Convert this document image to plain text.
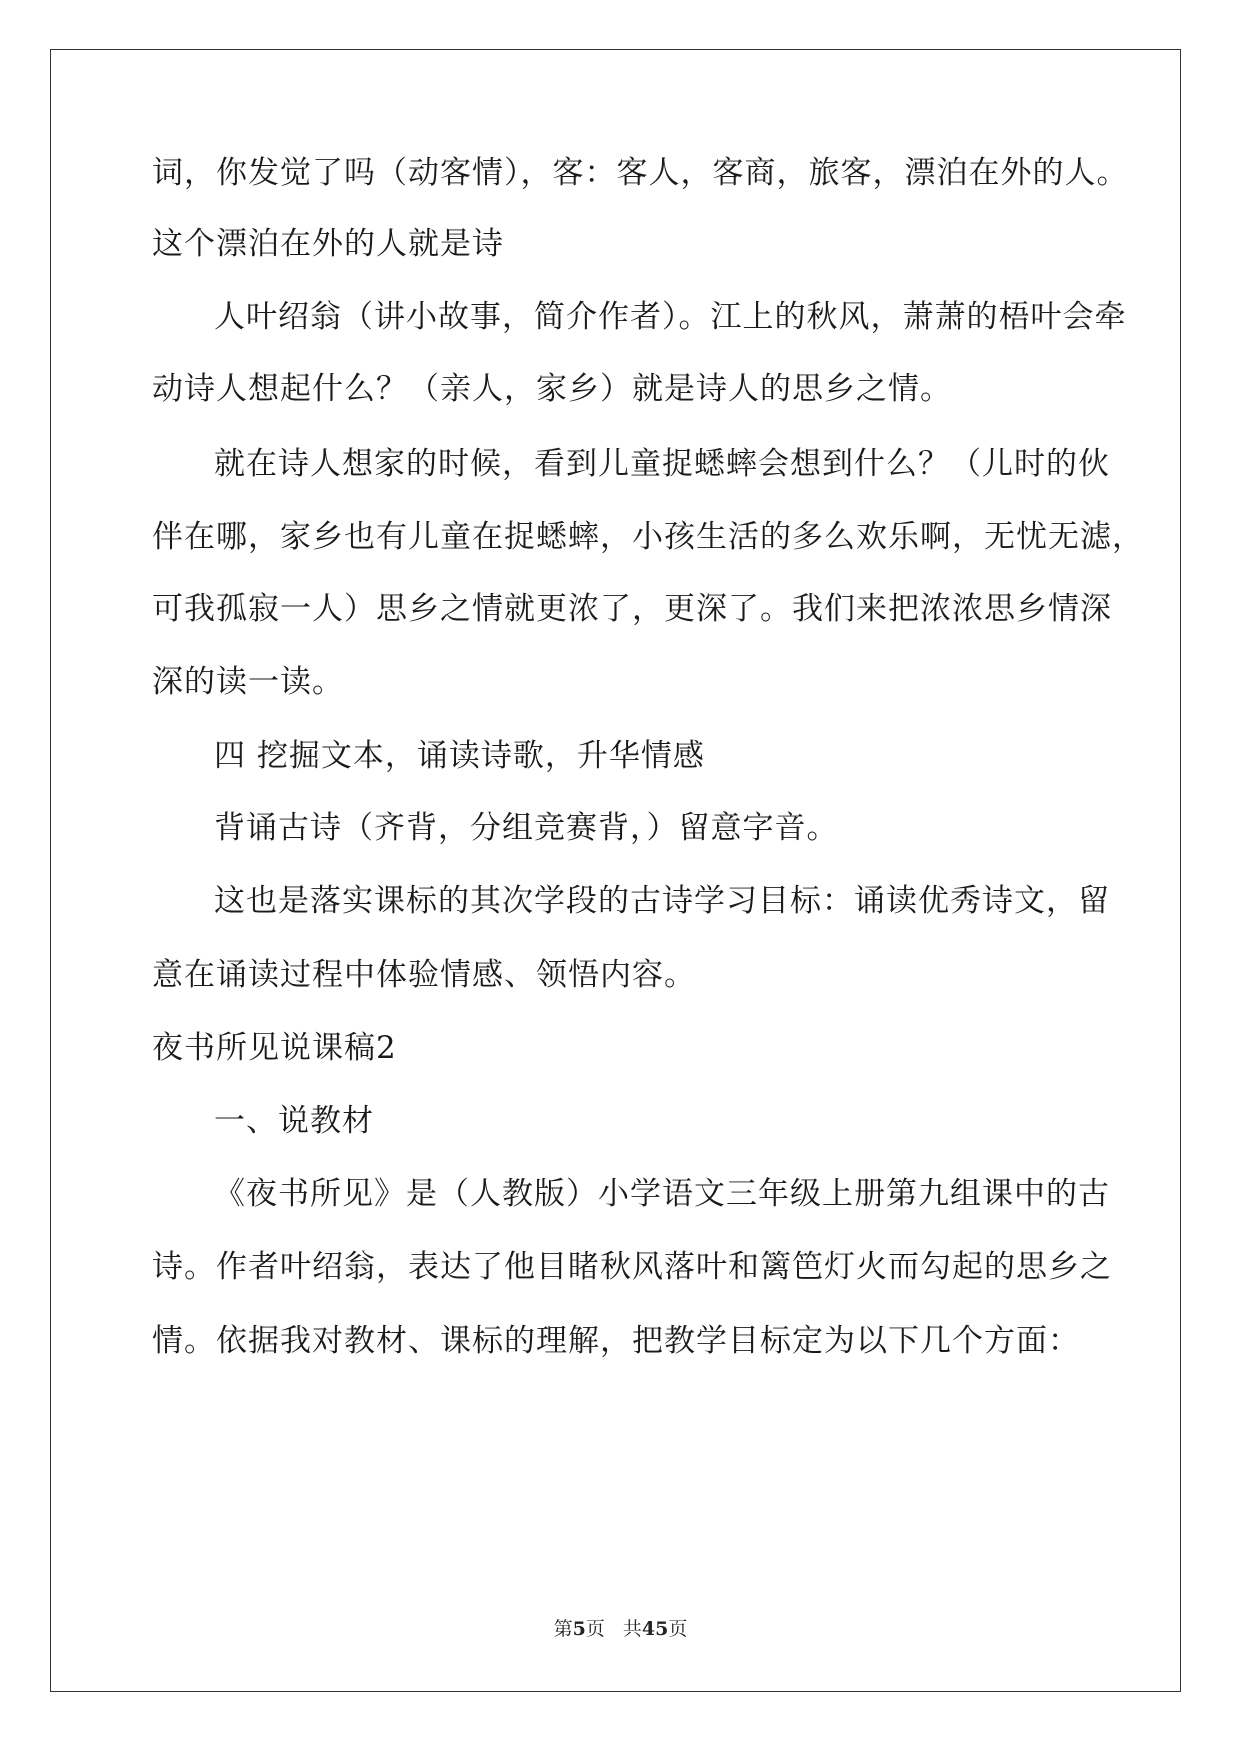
词，你发觉了吗（动客情），客：客人，客商，旅客，漂泊在外的人。
这个漂泊在外的人就是诗
人叶绍翁（讲小故事，简介作者）。江上的秋风，萧萧的梧叶会牵
动诗人想起什么？（亲人，家乡）就是诗人的思乡之情。
就在诗人想家的时候，看到儿童捉蟋蟀会想到什么？（儿时的伙
伴在哪，家乡也有儿童在捉蟋蟀，小孩生活的多么欢乐啊，无忧无滤，
可我孤寂一人）思乡之情就更浓了，更深了。我们来把浓浓思乡情深
深的读一读。
四 挖掘文本，诵读诗歌，升华情感
背诵古诗（齐背，分组竞赛背，）留意字音。
这也是落实课标的其次学段的古诗学习目标：诵读优秀诗文，留
意在诵读过程中体验情感、领悟内容。
夜书所见说课稿2
一、说教材
《夜书所见》是（人教版）小学语文三年级上册第九组课中的古
诗。作者叶绍翁，表达了他目睹秋风落叶和篱笆灯火而勾起的思乡之
情。依据我对教材、课标的理解，把教学目标定为以下几个方面：
第5页 共45页
